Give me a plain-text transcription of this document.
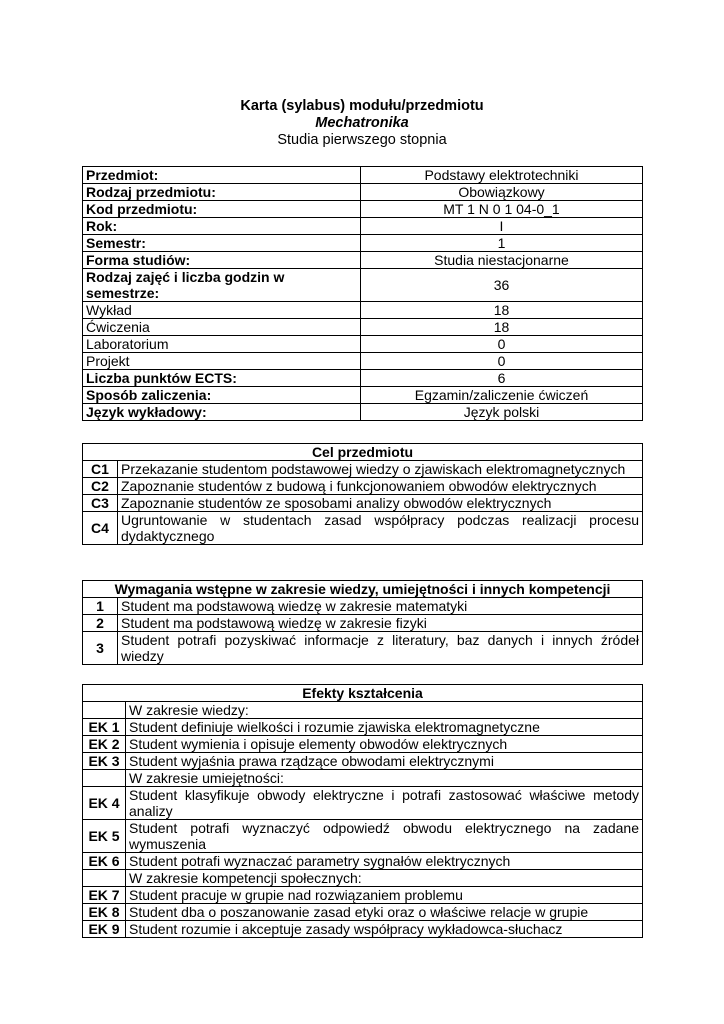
Karta (sylabus) modułu/przedmiotu
Mechatronika
Studia pierwszego stopnia
Przedmiot:	Podstawy elektrotechniki
Rodzaj przedmiotu:	Obowiązkowy
Kod przedmiotu:	MT 1 N 0 1 04-0_1
Rok:	I
Semestr:	1
Forma studiów:	Studia niestacjonarne
Rodzaj zajęć i liczba godzin w semestrze:	36
Wykład	18
Ćwiczenia	18
Laboratorium	0
Projekt	0
Liczba punktów ECTS:	6
Sposób zaliczenia:	Egzamin/zaliczenie ćwiczeń
Język wykładowy:	Język polski
Cel przedmiotu	
C1	Przekazanie studentom podstawowej wiedzy o zjawiskach elektromagnetycznych
C2	Zapoznanie studentów z budową i funkcjonowaniem obwodów elektrycznych
C3	Zapoznanie studentów ze sposobami analizy obwodów elektrycznych
C4	Ugruntowanie w studentach zasad współpracy podczas realizacji procesu dydaktycznego
Wymagania wstępne w zakresie wiedzy, umiejętności i innych kompetencji	
1	Student ma podstawową wiedzę w zakresie matematyki
2	Student ma podstawową wiedzę w zakresie fizyki
3	Student potrafi pozyskiwać informacje z literatury, baz danych i innych źródeł wiedzy
Efekty kształcenia	
	W zakresie wiedzy:
EK 1	Student definiuje wielkości i rozumie zjawiska elektromagnetyczne
EK 2	Student wymienia i opisuje elementy obwodów elektrycznych
EK 3	Student wyjaśnia prawa rządzące obwodami elektrycznymi
	W zakresie umiejętności:
EK 4	Student klasyfikuje obwody elektryczne i potrafi zastosować właściwe metody analizy
EK 5	Student potrafi wyznaczyć odpowiedź obwodu elektrycznego na zadane wymuszenia
EK 6	Student potrafi wyznaczać parametry sygnałów elektrycznych
	W zakresie kompetencji społecznych:
EK 7	Student pracuje w grupie nad rozwiązaniem problemu
EK 8	Student dba o poszanowanie zasad etyki oraz o właściwe relacje w grupie
EK 9	Student rozumie i akceptuje zasady współpracy wykładowca-słuchacz
